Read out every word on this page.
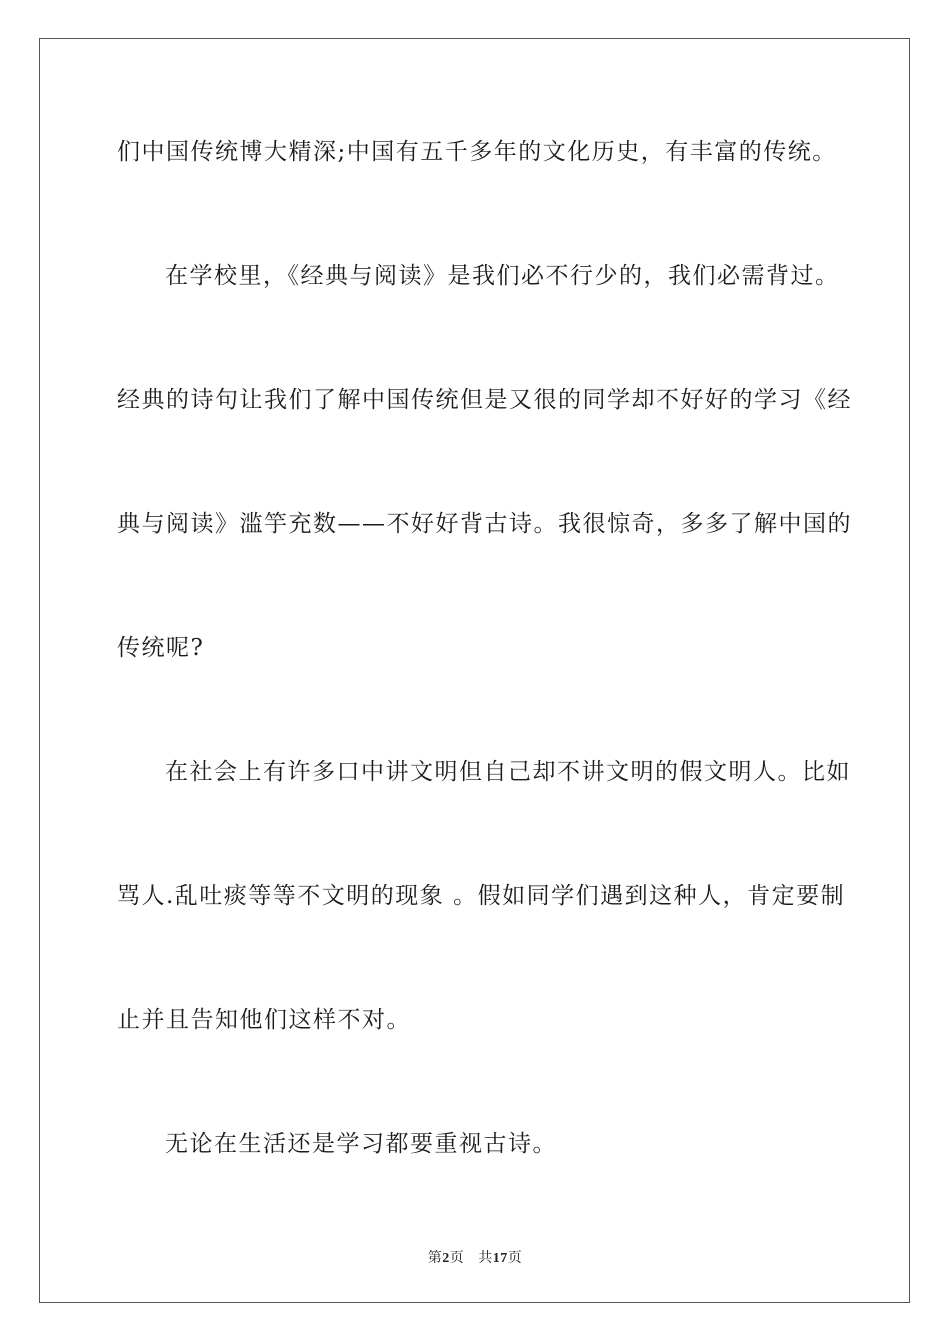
们中国传统博大精深;中国有五千多年的文化历史，有丰富的传统。
在学校里，《经典与阅读》是我们必不行少的，我们必需背过。
经典的诗句让我们了解中国传统但是又很的同学却不好好的学习《经
典与阅读》滥竽充数——不好好背古诗。我很惊奇，多多了解中国的
传统呢?
在社会上有许多口中讲文明但自己却不讲文明的假文明人。比如
骂人.乱吐痰等等不文明的现象 。假如同学们遇到这种人，肯定要制
止并且告知他们这样不对。
无论在生活还是学习都要重视古诗。
第2页 共17页
